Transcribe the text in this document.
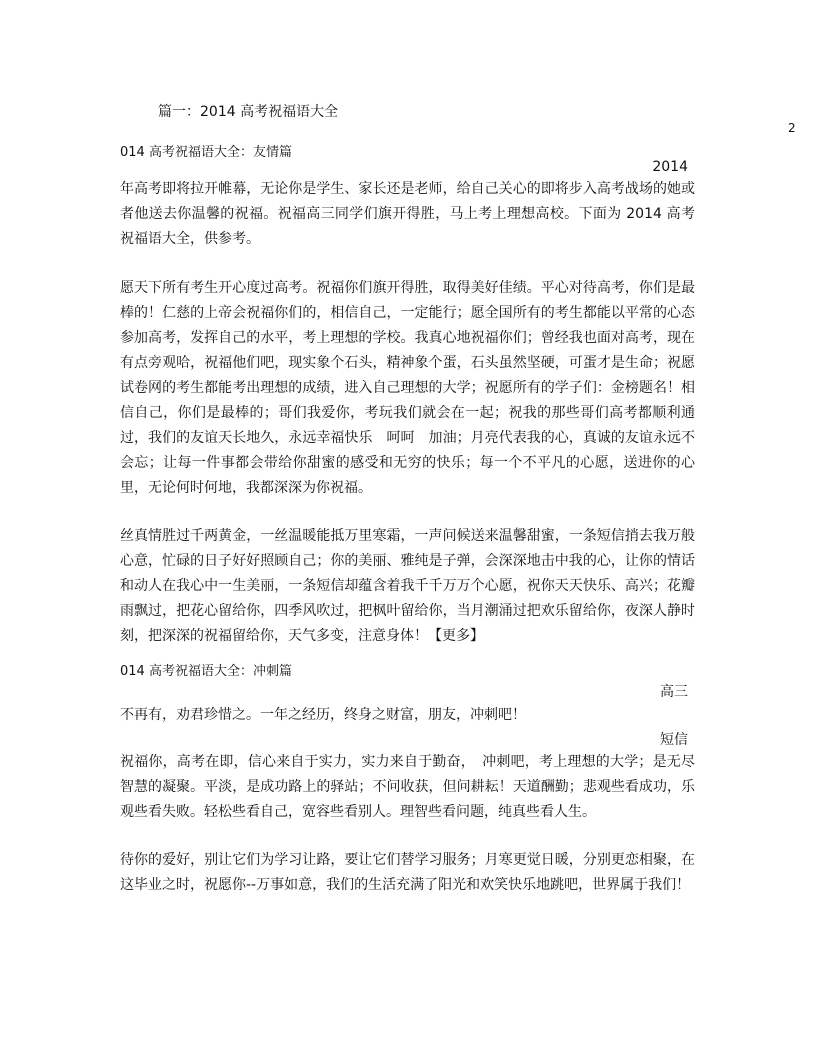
篇一：2014 高考祝福语大全
2
014 高考祝福语大全：友情篇
2014
年高考即将拉开帷幕，无论你是学生、家长还是老师，给自己关心的即将步入高考战场的她或者他送去你温馨的祝福。祝福高三同学们旗开得胜，马上考上理想高校。下面为 2014 高考祝福语大全，供参考。
愿天下所有考生开心度过高考。祝福你们旗开得胜，取得美好佳绩。平心对待高考，你们是最棒的！仁慈的上帝会祝福你们的，相信自己，一定能行；愿全国所有的考生都能以平常的心态参加高考，发挥自己的水平，考上理想的学校。我真心地祝福你们；曾经我也面对高考，现在有点旁观哈，祝福他们吧，现实象个石头，精神象个蛋，石头虽然坚硬，可蛋才是生命；祝愿试卷网的考生都能考出理想的成绩，进入自己理想的大学；祝愿所有的学子们：金榜题名！相信自己，你们是最棒的；哥们我爱你，考玩我们就会在一起；祝我的那些哥们高考都顺利通过，我们的友谊天长地久，永远幸福快乐　呵呵　加油；月亮代表我的心，真诚的友谊永远不会忘；让每一件事都会带给你甜蜜的感受和无穷的快乐；每一个不平凡的心愿，送进你的心里，无论何时何地，我都深深为你祝福。
丝真情胜过千两黄金，一丝温暖能抵万里寒霜，一声问候送来温馨甜蜜，一条短信捎去我万般心意，忙碌的日子好好照顾自己；你的美丽、雅纯是子弹，会深深地击中我的心，让你的情话和动人在我心中一生美丽，一条短信却蕴含着我千千万万个心愿，祝你天天快乐、高兴；花瓣雨飘过，把花心留给你，四季风吹过，把枫叶留给你，当月潮涌过把欢乐留给你，夜深人静时刻，把深深的祝福留给你，天气多变，注意身体！【更多】
014 高考祝福语大全：冲刺篇
高三
不再有，劝君珍惜之。一年之经历，终身之财富，朋友，冲刺吧！
短信
祝福你，高考在即，信心来自于实力，实力来自于勤奋，　冲刺吧，考上理想的大学；是无尽智慧的凝聚。平淡，是成功路上的驿站；不问收获，但问耕耘！天道酬勤；悲观些看成功，乐观些看失败。轻松些看自己，宽容些看别人。理智些看问题，纯真些看人生。
待你的爱好，别让它们为学习让路，要让它们替学习服务；月寒更觉日暖，分别更恋相聚，在这毕业之时，祝愿你--万事如意，我们的生活充满了阳光和欢笑快乐地跳吧，世界属于我们！
